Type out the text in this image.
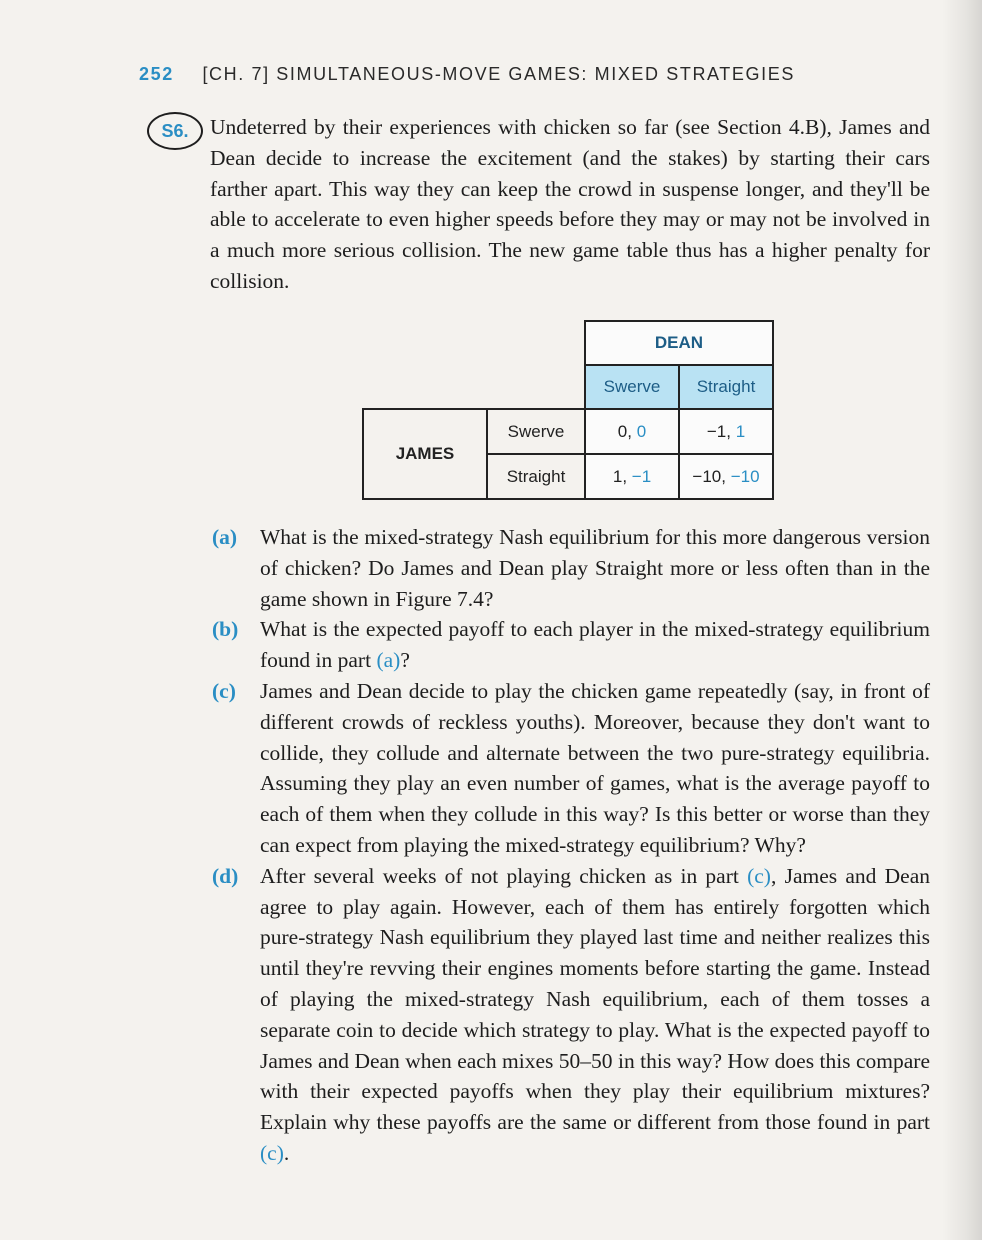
252 [CH. 7] SIMULTANEOUS-MOVE GAMES: MIXED STRATEGIES
S6. Undeterred by their experiences with chicken so far (see Section 4.B), James and Dean decide to increase the excitement (and the stakes) by starting their cars farther apart. This way they can keep the crowd in suspense longer, and they'll be able to accelerate to even higher speeds before they may or may not be involved in a much more serious collision. The new game table thus has a higher penalty for collision.
		DEAN	
		Swerve	Straight
JAMES	Swerve	0, 0	−1, 1
	Straight	1, −1	−10, −10
(a)	What is the mixed-strategy Nash equilibrium for this more dangerous version of chicken? Do James and Dean play Straight more or less often than in the game shown in Figure 7.4?
(b)	What is the expected payoff to each player in the mixed-strategy equilibrium found in part (a)?
(c)	James and Dean decide to play the chicken game repeatedly (say, in front of different crowds of reckless youths). Moreover, because they don't want to collide, they collude and alternate between the two pure-strategy equilibria. Assuming they play an even number of games, what is the average payoff to each of them when they collude in this way? Is this better or worse than they can expect from playing the mixed-strategy equilibrium? Why?
(d)	After several weeks of not playing chicken as in part (c), James and Dean agree to play again. However, each of them has entirely forgotten which pure-strategy Nash equilibrium they played last time and neither realizes this until they're revving their engines moments before starting the game. Instead of playing the mixed-strategy Nash equilibrium, each of them tosses a separate coin to decide which strategy to play. What is the expected payoff to James and Dean when each mixes 50–50 in this way? How does this compare with their expected payoffs when they play their equilibrium mixtures? Explain why these payoffs are the same or different from those found in part (c).
